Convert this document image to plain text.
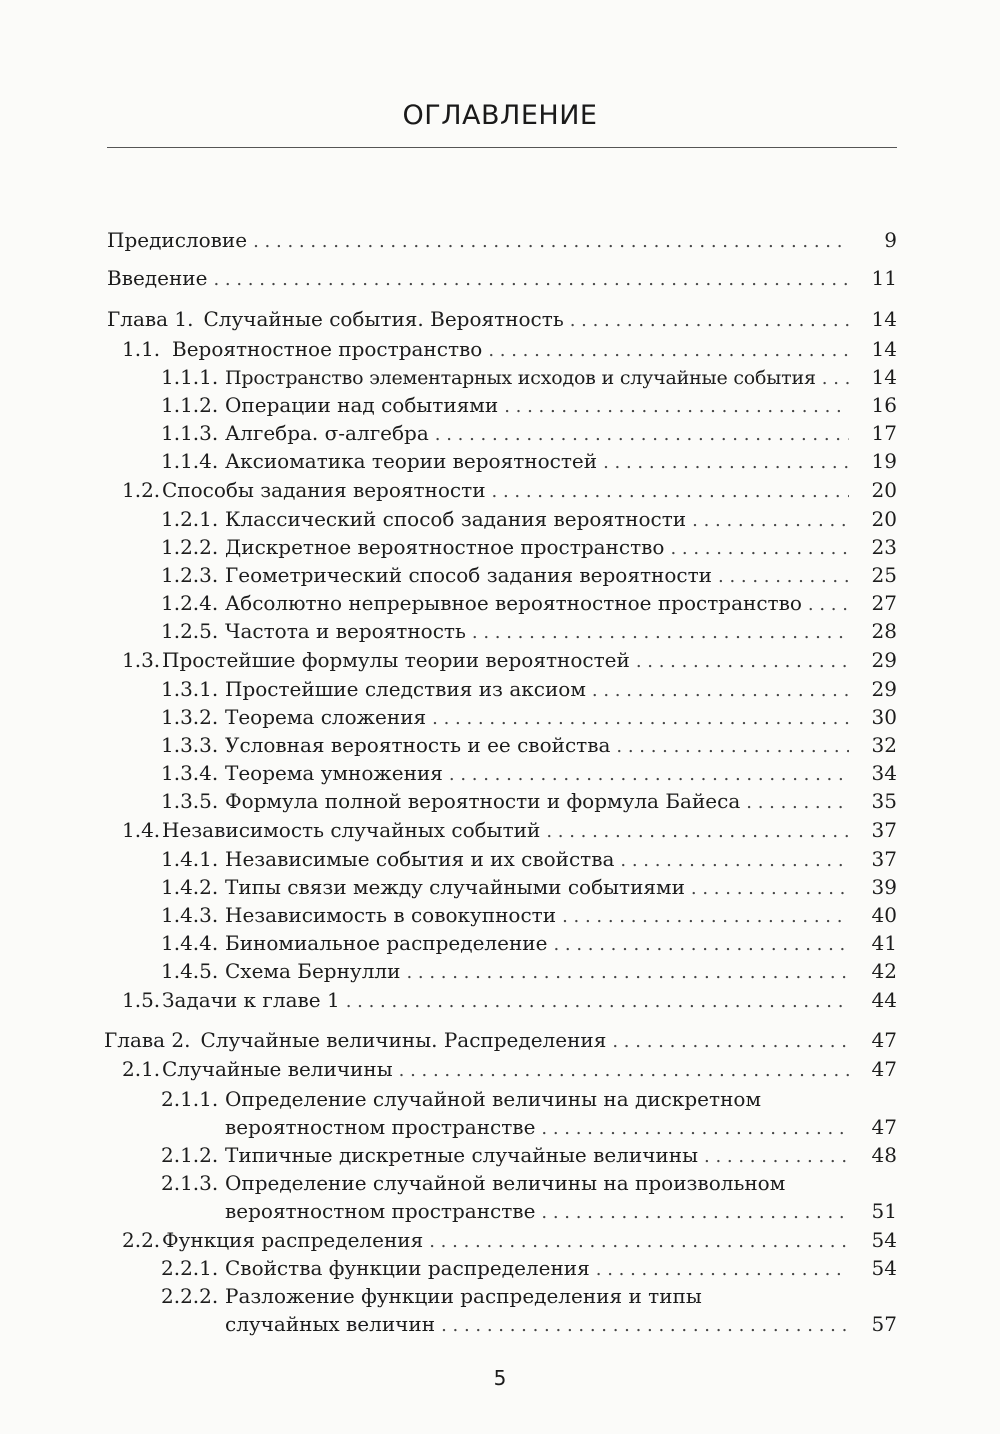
ОГЛАВЛЕНИЕ
Предисловие . . .	9
Введение . . .	11
Глава 1. Случайные события. Вероятность . . .	14
1.1. Вероятностное пространство . . .	14
1.1.1. Пространство элементарных исходов и случайные события . . .	14
1.1.2. Операции над событиями . . .	16
1.1.3. Алгебра. σ-алгебра . . .	17
1.1.4. Аксиоматика теории вероятностей . . .	19
1.2. Способы задания вероятности . . .	20
1.2.1. Классический способ задания вероятности . . .	20
1.2.2. Дискретное вероятностное пространство . . .	23
1.2.3. Геометрический способ задания вероятности . . .	25
1.2.4. Абсолютно непрерывное вероятностное пространство . . .	27
1.2.5. Частота и вероятность . . .	28
1.3. Простейшие формулы теории вероятностей . . .	29
1.3.1. Простейшие следствия из аксиом . . .	29
1.3.2. Теорема сложения . . .	30
1.3.3. Условная вероятность и ее свойства . . .	32
1.3.4. Теорема умножения . . .	34
1.3.5. Формула полной вероятности и формула Байеса . . .	35
1.4. Независимость случайных событий . . .	37
1.4.1. Независимые события и их свойства . . .	37
1.4.2. Типы связи между случайными событиями . . .	39
1.4.3. Независимость в совокупности . . .	40
1.4.4. Биномиальное распределение . . .	41
1.4.5. Схема Бернулли . . .	42
1.5. Задачи к главе 1 . . .	44
Глава 2. Случайные величины. Распределения . . .	47
2.1. Случайные величины . . .	47
2.1.1. Определение случайной величины на дискретном
вероятностном пространстве . . .	47
2.1.2. Типичные дискретные случайные величины . . .	48
2.1.3. Определение случайной величины на произвольном
вероятностном пространстве . . .	51
2.2. Функция распределения . . .	54
2.2.1. Свойства функции распределения . . .	54
2.2.2. Разложение функции распределения и типы
случайных величин . . .	57
5
